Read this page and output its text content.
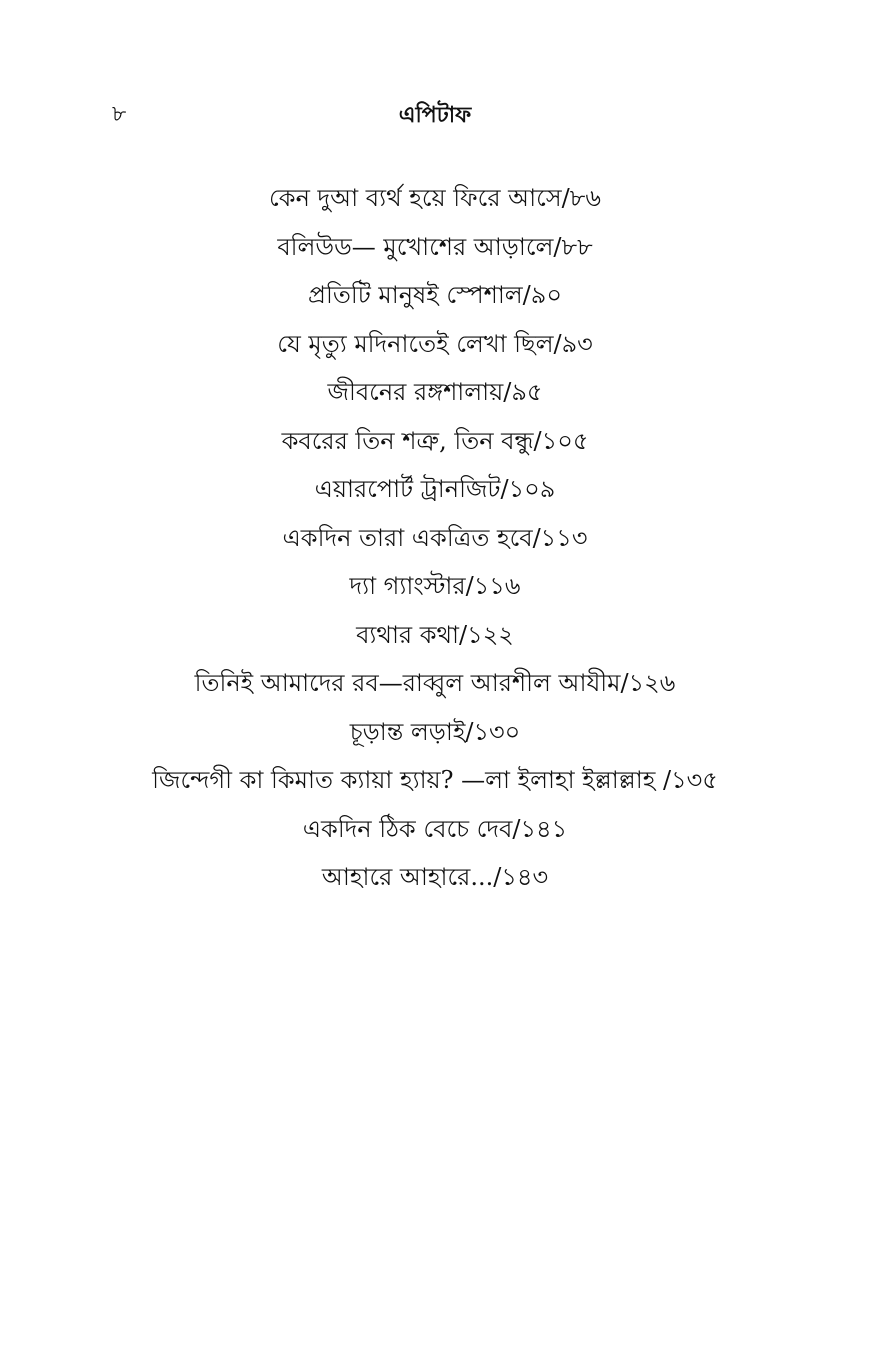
৮	এপিটাফ
কেন দুআ ব্যর্থ হয়ে ফিরে আসে/৮৬
বলিউড— মুখোশের আড়ালে/৮৮
প্রতিটি মানুষই স্পেশাল/৯০
যে মৃত্যু মদিনাতেই লেখা ছিল/৯৩
জীবনের রঙ্গশালায়/৯৫
কবরের তিন শত্রু, তিন বন্ধু/১০৫
এয়ারপোর্ট ট্রানজিট/১০৯
একদিন তারা একত্রিত হবে/১১৩
দ্যা গ্যাংস্টার/১১৬
ব্যথার কথা/১২২
তিনিই আমাদের রব—রাব্বুল আরশীল আযীম/১২৬
চূড়ান্ত লড়াই/১৩০
জিন্দেগী কা কিমাত ক্যায়া হ্যায়? —লা ইলাহা ইল্লাল্লাহ /১৩৫
একদিন ঠিক বেচে দেব/১৪১
আহারে আহারে.../১৪৩
